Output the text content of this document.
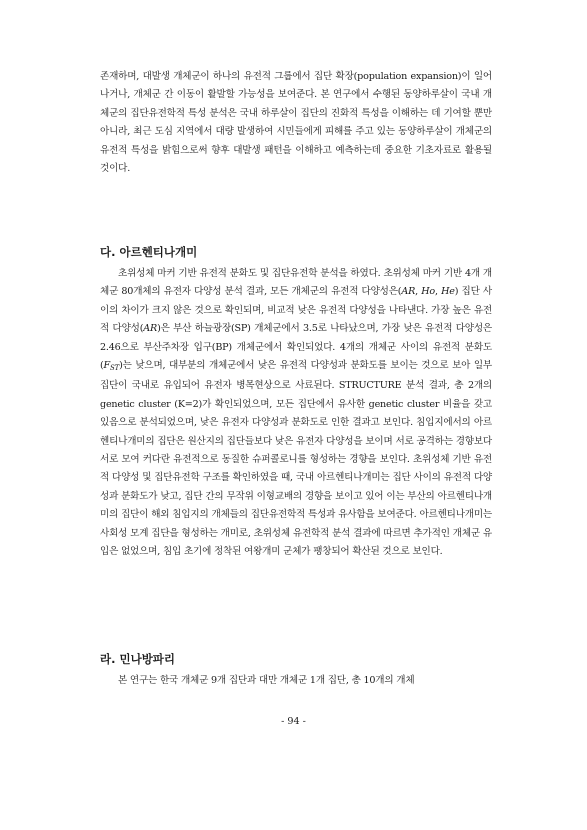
존재하며, 대발생 개체군이 하나의 유전적 그룹에서 집단 확장(population expansion)이 일어나거나, 개체군 간 이동이 활발할 가능성을 보여준다. 본 연구에서 수행된 동양하루살이 국내 개체군의 집단유전학적 특성 분석은 국내 하루살이 집단의 진화적 특성을 이해하는 데 기여할 뿐만 아니라, 최근 도심 지역에서 대량 발생하여 시민들에게 피해를 주고 있는 동양하루살이 개체군의 유전적 특성을 밝힘으로써 향후 대발생 패턴을 이해하고 예측하는데 중요한 기초자료로 활용될 것이다.

다. 아르헨티나개미

초위성체 마커 기반 유전적 분화도 및 집단유전학 분석을 하였다. 초위성체 마커 기반 4개 개체군 80개체의 유전자 다양성 분석 결과, 모든 개체군의 유전적 다양성은(AR, Ho, He) 집단 사이의 차이가 크지 않은 것으로 확인되며, 비교적 낮은 유전적 다양성을 나타낸다. 가장 높은 유전적 다양성(AR)은 부산 하늘광장(SP) 개체군에서 3.5로 나타났으며, 가장 낮은 유전적 다양성은 2.46으로 부산주차장 입구(BP) 개체군에서 확인되었다. 4개의 개체군 사이의 유전적 분화도$(F_{ST})$는 낮으며, 대부분의 개체군에서 낮은 유전적 다양성과 분화도를 보이는 것으로 보아 일부 집단이 국내로 유입되어 유전자 병목현상으로 사료된다. STRUCTURE 분석 결과, 총 2개의 genetic cluster (K=2)가 확인되었으며, 모든 집단에서 유사한 genetic cluster 비율을 갖고 있음으로 분석되었으며, 낮은 유전자 다양성과 분화도로 인한 결과고 보인다. 침입지에서의 아르헨티나개미의 집단은 원산지의 집단들보다 낮은 유전자 다양성을 보이며 서로 공격하는 경향보다 서로 모여 커다란 유전적으로 동질한 슈퍼콜로니를 형성하는 경향을 보인다. 초위성체 기반 유전적 다양성 및 집단유전학 구조를 확인하였을 때, 국내 아르헨티나개미는 집단 사이의 유전적 다양성과 분화도가 낮고, 집단 간의 무작위 이형교배의 경향을 보이고 있어 이는 부산의 아르헨티나개미의 집단이 해외 침입지의 개체들의 집단유전학적 특성과 유사함을 보여준다. 아르헨티나개미는 사회성 모계 집단을 형성하는 개미로, 초위성체 유전학적 분석 결과에 따르면 추가적인 개체군 유입은 없었으며, 침입 초기에 정착된 여왕개미 군체가 팽창되어 확산된 것으로 보인다.

라. 민나방파리

본 연구는 한국 개체군 9개 집단과 대만 개체군 1개 집단, 총 10개의 개체

- 94 -
